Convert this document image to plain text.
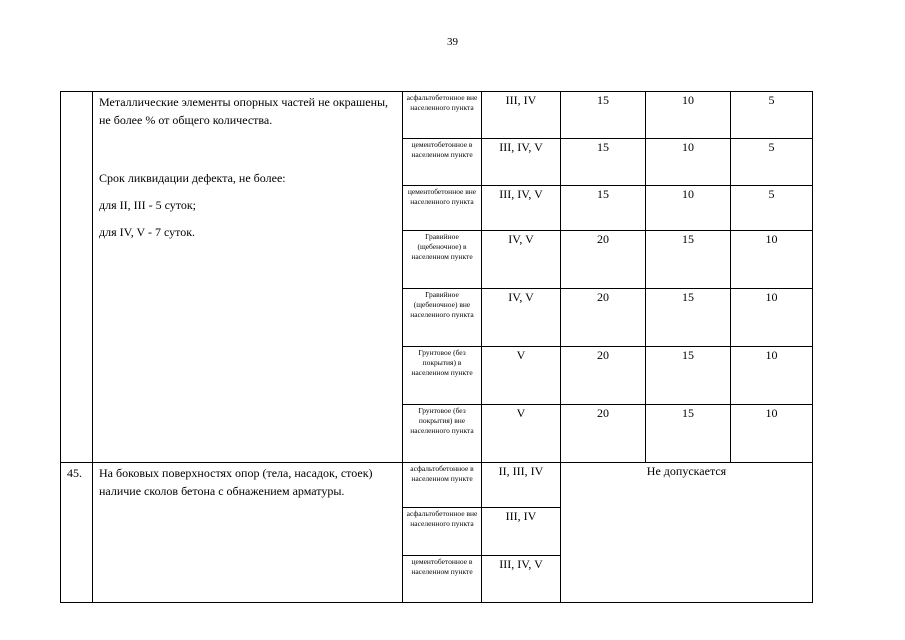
39

	Металлические элементы опорных частей не окрашены, не более % от общего количества.

Срок ликвидации дефекта, не более:

для II, III - 5 суток;

для IV, V - 7 суток.	асфальтобетонное вне населенного пункта	III, IV	15	10	5
		цементобетонное в населенном пункте	III, IV, V	15	10	5
		цементобетонное вне населенного пункта	III, IV, V	15	10	5
		Гравийное (щебеночное) в населенном пункте	IV, V	20	15	10
		Гравийное (щебеночное) вне населенного пункта	IV, V	20	15	10
		Грунтовое (без покрытия) в населенном пункте	V	20	15	10
		Грунтовое (без покрытия) вне населенного пункта	V	20	15	10
45.	На боковых поверхностях опор (тела, насадок, стоек) наличие сколов бетона с обнажением арматуры.	асфальтобетонное в населенном пункте	II, III, IV	Не допускается		
		асфальтобетонное вне населенного пункта	III, IV			
		цементобетонное в населенном пункте	III, IV, V			
